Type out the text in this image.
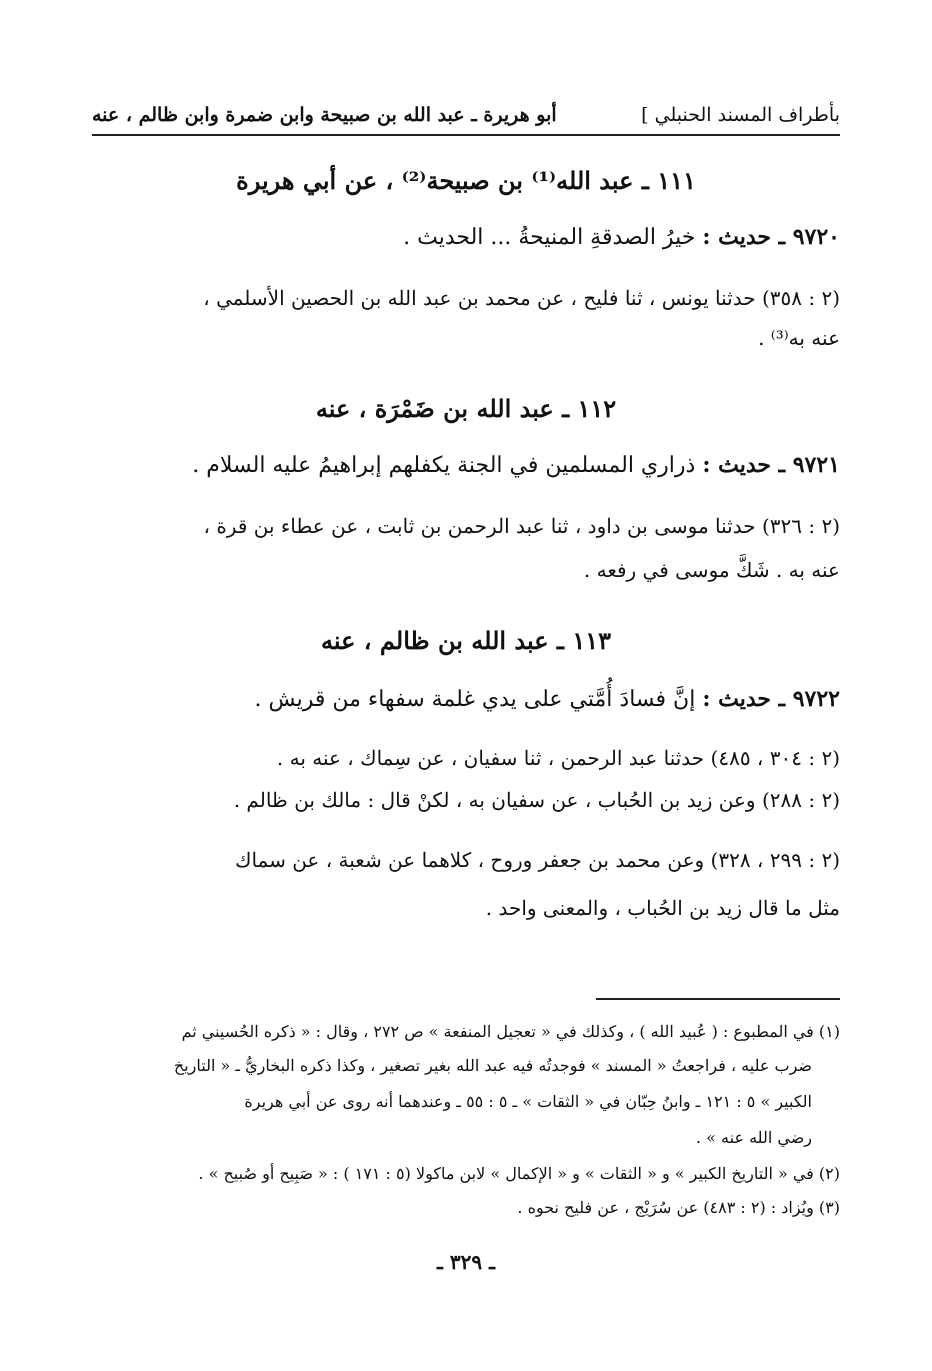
بأطراف المسند الحنبلي ]
أبو هريرة ـ عبد الله بن صبيحة وابن ضمرة وابن ظالم ، عنه
١١١ ـ عبد الله⁽¹⁾ بن صبيحة⁽²⁾ ، عن أبي هريرة
٩٧٢٠ ـ حديث : خيرُ الصدقةِ المنيحةُ ... الحديث .
(٢ : ٣٥٨) حدثنا يونس ، ثنا فليح ، عن محمد بن عبد الله بن الحصين الأسلمي ،
عنه به⁽³⁾ .
١١٢ ـ عبد الله بن ضَمْرَة ، عنه
٩٧٢١ ـ حديث : ذراري المسلمين في الجنة يكفلهم إبراهيمُ عليه السلام .
(٢ : ٣٢٦) حدثنا موسى بن داود ، ثنا عبد الرحمن بن ثابت ، عن عطاء بن قرة ،
عنه به . شَكَّ موسى في رفعه .
١١٣ ـ عبد الله بن ظالم ، عنه
٩٧٢٢ ـ حديث : إنَّ فسادَ أُمَّتي على يدي غلمة سفهاء من قريش .
(٢ : ٣٠٤ ، ٤٨٥) حدثنا عبد الرحمن ، ثنا سفيان ، عن سِماك ، عنه به .
(٢ : ٢٨٨) وعن زيد بن الحُباب ، عن سفيان به ، لكنْ قال : مالك بن ظالم .
(٢ : ٢٩٩ ، ٣٢٨) وعن محمد بن جعفر وروح ، كلاهما عن شعبة ، عن سماك
مثل ما قال زيد بن الحُباب ، والمعنى واحد .
(١) في المطبوع : ( عُبيد الله ) ، وكذلك في « تعجيل المنفعة » ص ٢٧٢ ، وقال : « ذكره الحُسيني ثم
ضرب عليه ، فراجعتُ « المسند » فوجدتُه فيه عبد الله بغير تصغير ، وكذا ذكره البخاريُّ ـ « التاريخ
الكبير » ٥ : ١٢١ ـ وابنُ حِبّان في « الثقات » ـ ٥ : ٥٥ ـ وعندهما أنه روى عن أبي هريرة
رضي الله عنه » .
(٢) في « التاريخ الكبير » و « الثقات » و « الإكمال » لابن ماكولا (٥ : ١٧١ ) : « صَبِيح أو صُبيح » .
(٣) ويُزاد : (٢ : ٤٨٣) عن سُرَيْج ، عن فليح نحوه .
ـ ٣٢٩ ـ
